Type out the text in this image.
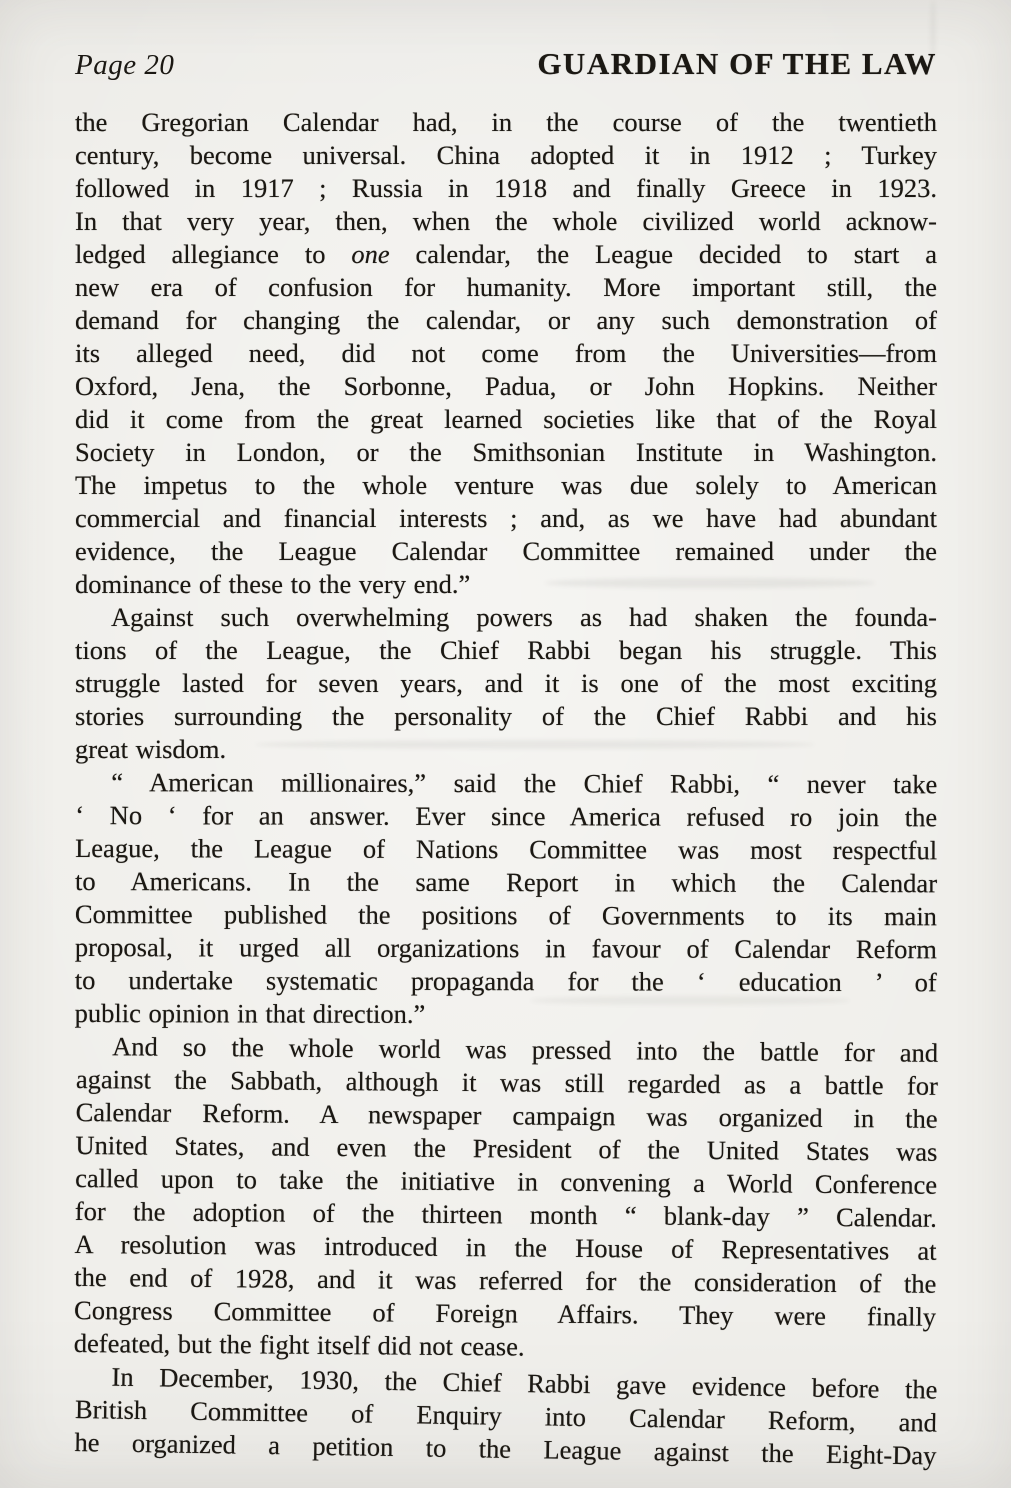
Page 20	GUARDIAN OF THE LAW
the Gregorian Calendar had, in the course of the twentieth
century, become universal. China adopted it in 1912 ; Turkey
followed in 1917 ; Russia in 1918 and finally Greece in 1923.
In that very year, then, when the whole civilized world acknow-
ledged allegiance to one calendar, the League decided to start a
new era of confusion for humanity. More important still, the
demand for changing the calendar, or any such demonstration of
its alleged need, did not come from the Universities—from
Oxford, Jena, the Sorbonne, Padua, or John Hopkins. Neither
did it come from the great learned societies like that of the Royal
Society in London, or the Smithsonian Institute in Washington.
The impetus to the whole venture was due solely to American
commercial and financial interests ; and, as we have had abundant
evidence, the League Calendar Committee remained under the
dominance of these to the very end.”
Against such overwhelming powers as had shaken the founda-
tions of the League, the Chief Rabbi began his struggle. This
struggle lasted for seven years, and it is one of the most exciting
stories surrounding the personality of the Chief Rabbi and his
great wisdom.
“ American millionaires,” said the Chief Rabbi, “ never take
‘ No ‘ for an answer. Ever since America refused ro join the
League, the League of Nations Committee was most respectful
to Americans. In the same Report in which the Calendar
Committee published the positions of Governments to its main
proposal, it urged all organizations in favour of Calendar Reform
to undertake systematic propaganda for the ‘ education ’ of
public opinion in that direction.”
And so the whole world was pressed into the battle for and
against the Sabbath, although it was still regarded as a battle for
Calendar Reform. A newspaper campaign was organized in the
United States, and even the President of the United States was
called upon to take the initiative in convening a World Conference
for the adoption of the thirteen month “ blank-day ” Calendar.
A resolution was introduced in the House of Representatives at
the end of 1928, and it was referred for the consideration of the
Congress Committee of Foreign Affairs. They were finally
defeated, but the fight itself did not cease.
In December, 1930, the Chief Rabbi gave evidence before the
British Committee of Enquiry into Calendar Reform, and
he organized a petition to the League against the Eight-Day
